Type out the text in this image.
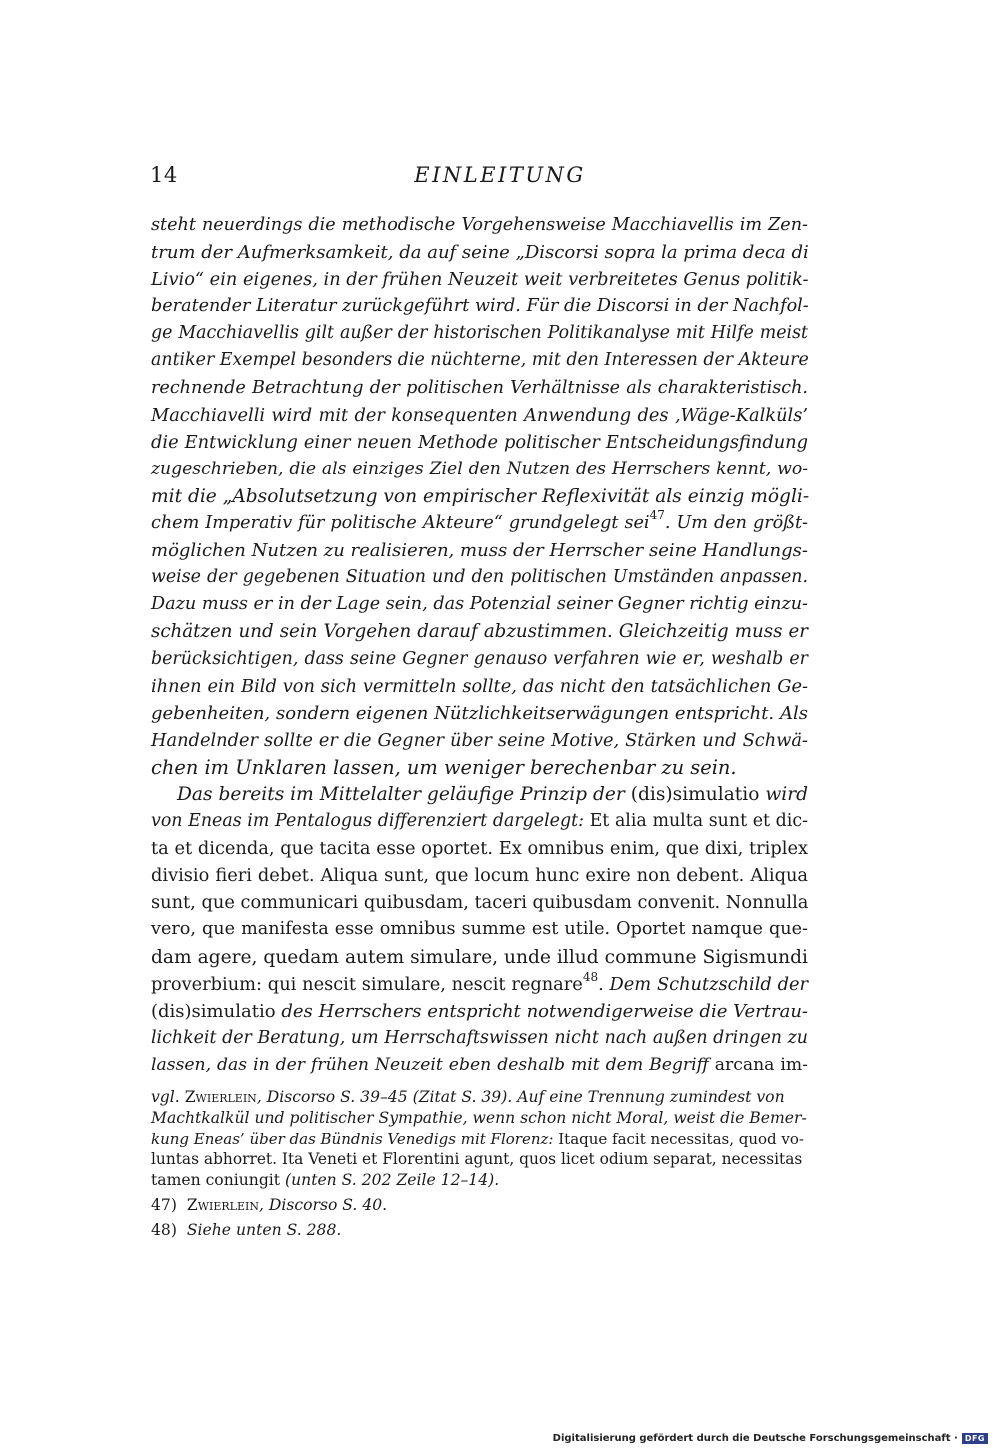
14	EINLEITUNG
steht neuerdings die methodische Vorgehensweise Macchiavellis im Zen-
trum der Aufmerksamkeit, da auf seine „Discorsi sopra la prima deca di
Livio“ ein eigenes, in der frühen Neuzeit weit verbreitetes Genus politik-
beratender Literatur zurückgeführt wird. Für die Discorsi in der Nachfol-
ge Macchiavellis gilt außer der historischen Politikanalyse mit Hilfe meist
antiker Exempel besonders die nüchterne, mit den Interessen der Akteure
rechnende Betrachtung der politischen Verhältnisse als charakteristisch.
Macchiavelli wird mit der konsequenten Anwendung des ‚Wäge-Kalküls’
die Entwicklung einer neuen Methode politischer Entscheidungsfindung
zugeschrieben, die als einziges Ziel den Nutzen des Herrschers kennt, wo-
mit die „Absolutsetzung von empirischer Reflexivität als einzig mögli-
chem Imperativ für politische Akteure“ grundgelegt sei$^{47}$. Um den größt-
möglichen Nutzen zu realisieren, muss der Herrscher seine Handlungs-
weise der gegebenen Situation und den politischen Umständen anpassen.
Dazu muss er in der Lage sein, das Potenzial seiner Gegner richtig einzu-
schätzen und sein Vorgehen darauf abzustimmen. Gleichzeitig muss er
berücksichtigen, dass seine Gegner genauso verfahren wie er, weshalb er
ihnen ein Bild von sich vermitteln sollte, das nicht den tatsächlichen Ge-
gebenheiten, sondern eigenen Nützlichkeitserwägungen entspricht. Als
Handelnder sollte er die Gegner über seine Motive, Stärken und Schwä-
chen im Unklaren lassen, um weniger berechenbar zu sein.
Das bereits im Mittelalter geläufige Prinzip der (dis)simulatio wird
von Eneas im Pentalogus differenziert dargelegt: Et alia multa sunt et dic-
ta et dicenda, que tacita esse oportet. Ex omnibus enim, que dixi, triplex
divisio fieri debet. Aliqua sunt, que locum hunc exire non debent. Aliqua
sunt, que communicari quibusdam, taceri quibusdam convenit. Nonnulla
vero, que manifesta esse omnibus summe est utile. Oportet namque que-
dam agere, quedam autem simulare, unde illud commune Sigismundi
proverbium: qui nescit simulare, nescit regnare$^{48}$. Dem Schutzschild der
(dis)simulatio des Herrschers entspricht notwendigerweise die Vertrau-
lichkeit der Beratung, um Herrschaftswissen nicht nach außen dringen zu
lassen, das in der frühen Neuzeit eben deshalb mit dem Begriff arcana im-
vgl. Zwierlein, Discorso S. 39–45 (Zitat S. 39). Auf eine Trennung zumindest von
Machtkalkül und politischer Sympathie, wenn schon nicht Moral, weist die Bemer-
kung Eneas’ über das Bündnis Venedigs mit Florenz: Itaque facit necessitas, quod vo-
luntas abhorret. Ita Veneti et Florentini agunt, quos licet odium separat, necessitas
tamen coniungit (unten S. 202 Zeile 12–14).
47) Zwierlein, Discorso S. 40.
48) Siehe unten S. 288.
Digitalisierung gefördert durch die Deutsche Forschungsgemeinschaft · DFG
